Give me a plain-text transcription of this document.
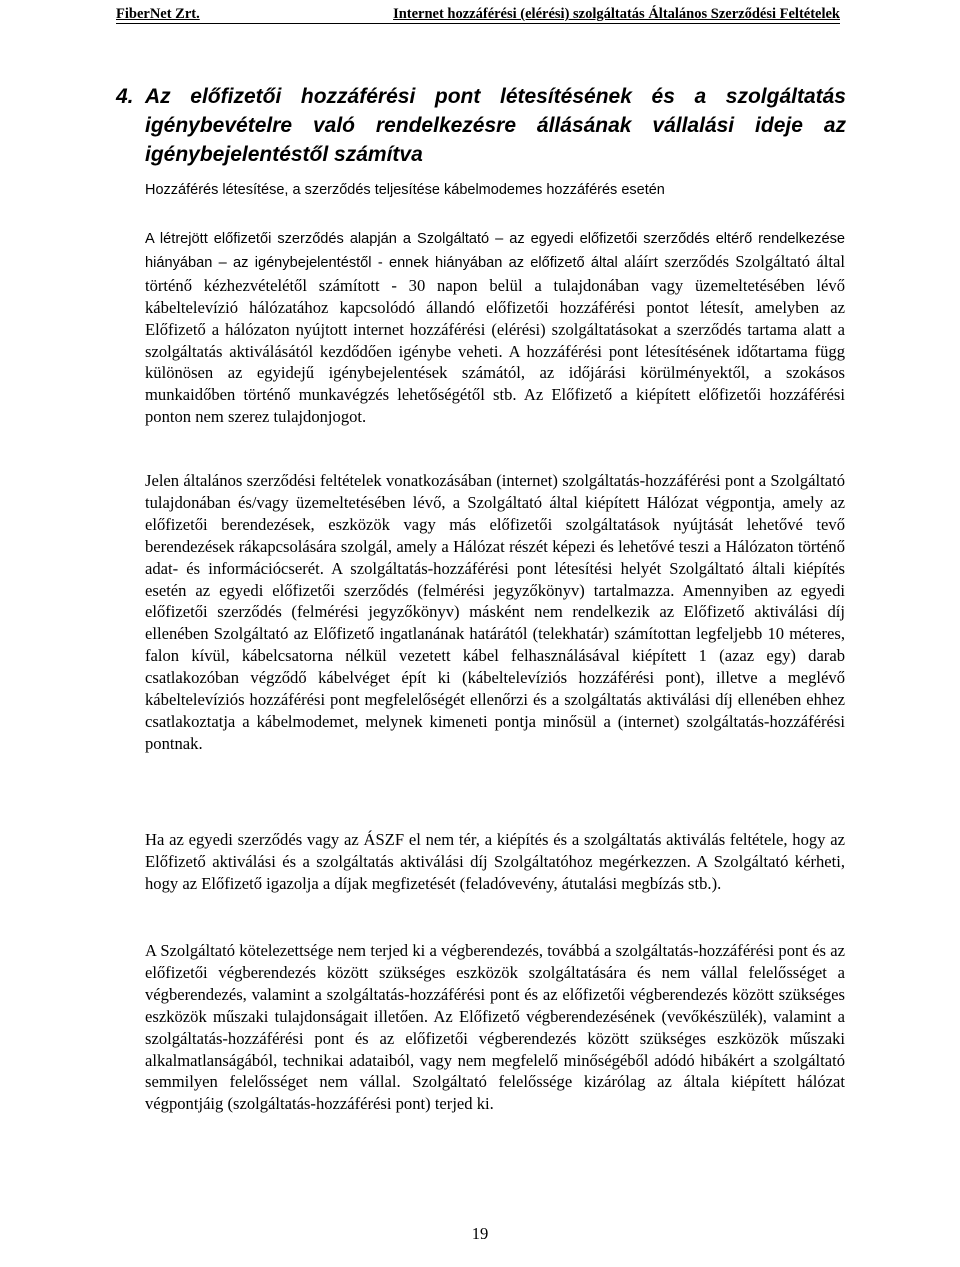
FiberNet Zrt.	Internet hozzáférési (elérési) szolgáltatás Általános Szerződési Feltételek
4. Az előfizetői hozzáférési pont létesítésének és a szolgáltatás igénybevételre való rendelkezésre állásának vállalási ideje az igénybejelentéstől számítva
Hozzáférés létesítése, a szerződés teljesítése kábelmodemes hozzáférés esetén
A létrejött előfizetői szerződés alapján a Szolgáltató – az egyedi előfizetői szerződés eltérő rendelkezése hiányában – az igénybejelentéstől - ennek hiányában az előfizető által aláírt szerződés Szolgáltató által történő kézhezvételétől számított - 30 napon belül a tulajdonában vagy üzemeltetésében lévő kábeltelevízió hálózatához kapcsolódó állandó előfizetői hozzáférési pontot létesít, amelyben az Előfizető a hálózaton nyújtott internet hozzáférési (elérési) szolgáltatásokat a szerződés tartama alatt a szolgáltatás aktiválásától kezdődően igénybe veheti. A hozzáférési pont létesítésének időtartama függ különösen az egyidejű igénybejelentések számától, az időjárási körülményektől, a szokásos munkaidőben történő munkavégzés lehetőségétől stb. Az Előfizető a kiépített előfizetői hozzáférési ponton nem szerez tulajdonjogot.
Jelen általános szerződési feltételek vonatkozásában (internet) szolgáltatás-hozzáférési pont a Szolgáltató tulajdonában és/vagy üzemeltetésében lévő, a Szolgáltató által kiépített Hálózat végpontja, amely az előfizetői berendezések, eszközök vagy más előfizetői szolgáltatások nyújtását lehetővé tevő berendezések rákapcsolására szolgál, amely a Hálózat részét képezi és lehetővé teszi a Hálózaton történő adat- és információcserét. A szolgáltatás-hozzáférési pont létesítési helyét Szolgáltató általi kiépítés esetén az egyedi előfizetői szerződés (felmérési jegyzőkönyv) tartalmazza. Amennyiben az egyedi előfizetői szerződés (felmérési jegyzőkönyv) másként nem rendelkezik az Előfizető aktiválási díj ellenében Szolgáltató az Előfizető ingatlanának határától (telekhatár) számítottan legfeljebb 10 méteres, falon kívül, kábelcsatorna nélkül vezetett kábel felhasználásával kiépített 1 (azaz egy) darab csatlakozóban végződő kábelvéget épít ki (kábeltelevíziós hozzáférési pont), illetve a meglévő kábeltelevíziós hozzáférési pont megfelelőségét ellenőrzi és a szolgáltatás aktiválási díj ellenében ehhez csatlakoztatja a kábelmodemet, melynek kimeneti pontja minősül a (internet) szolgáltatás-hozzáférési pontnak.
Ha az egyedi szerződés vagy az ÁSZF el nem tér, a kiépítés és a szolgáltatás aktiválás feltétele, hogy az Előfizető aktiválási és a szolgáltatás aktiválási díj Szolgáltatóhoz megérkezzen. A Szolgáltató kérheti, hogy az Előfizető igazolja a díjak megfizetését (feladóvevény, átutalási megbízás stb.).
A Szolgáltató kötelezettsége nem terjed ki a végberendezés, továbbá a szolgáltatás-hozzáférési pont és az előfizetői végberendezés között szükséges eszközök szolgáltatására és nem vállal felelősséget a végberendezés, valamint a szolgáltatás-hozzáférési pont és az előfizetői végberendezés között szükséges eszközök műszaki tulajdonságait illetően. Az Előfizető végberendezésének (vevőkészülék), valamint a szolgáltatás-hozzáférési pont és az előfizetői végberendezés között szükséges eszközök műszaki alkalmatlanságából, technikai adataiból, vagy nem megfelelő minőségéből adódó hibákért a szolgáltató semmilyen felelősséget nem vállal. Szolgáltató felelőssége kizárólag az általa kiépített hálózat végpontjáig (szolgáltatás-hozzáférési pont) terjed ki.
19
